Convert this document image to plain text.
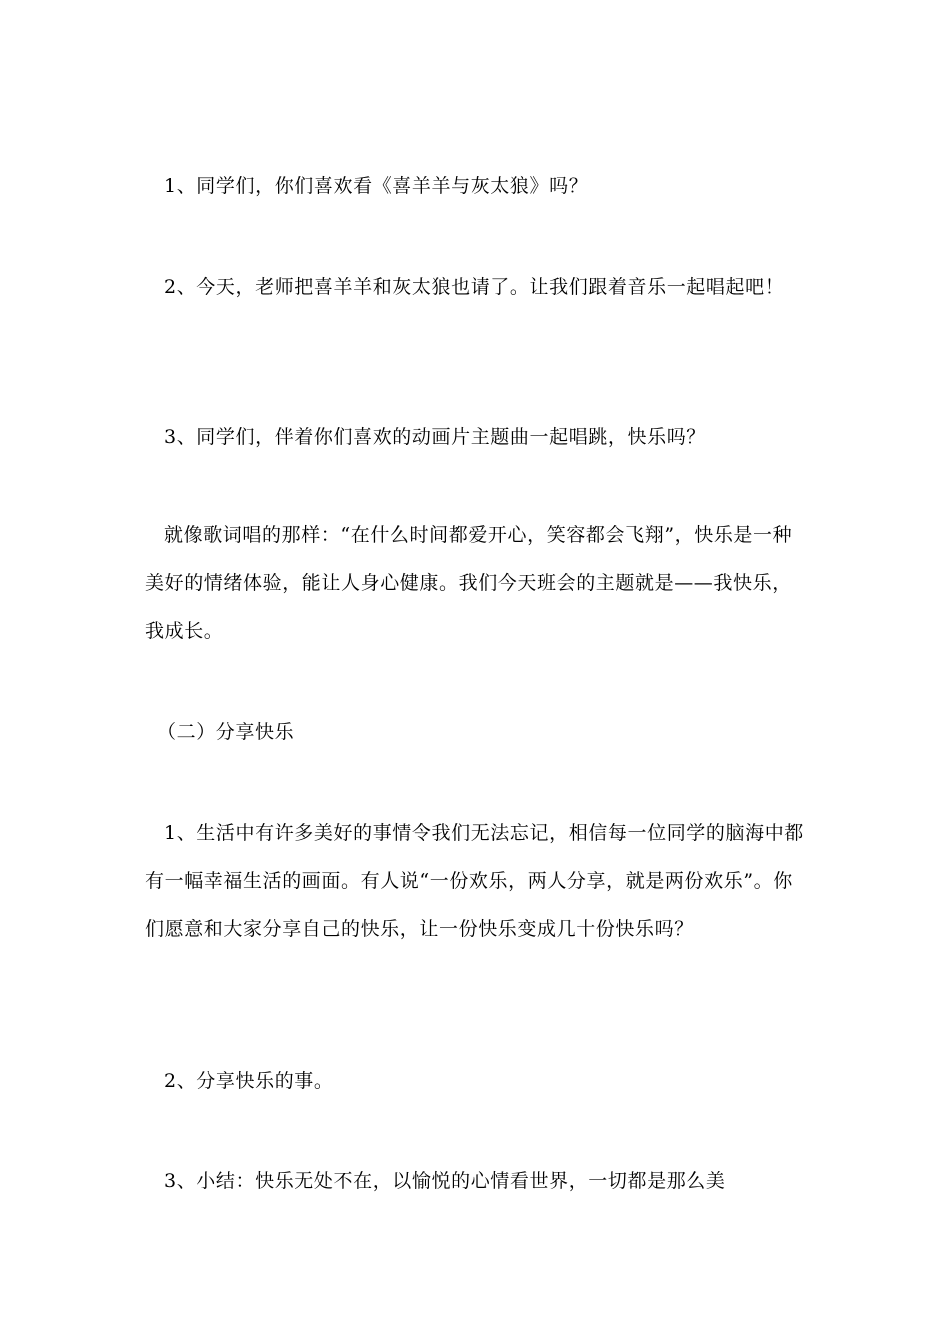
1、同学们，你们喜欢看《喜羊羊与灰太狼》吗？

2、今天，老师把喜羊羊和灰太狼也请了。让我们跟着音乐一起唱起吧！

3、同学们，伴着你们喜欢的动画片主题曲一起唱跳，快乐吗？

就像歌词唱的那样：“在什么时间都爱开心，笑容都会飞翔”，快乐是一种美好的情绪体验，能让人身心健康。我们今天班会的主题就是——我快乐，我成长。

（二）分享快乐

1、生活中有许多美好的事情令我们无法忘记，相信每一位同学的脑海中都有一幅幸福生活的画面。有人说“一份欢乐，两人分享，就是两份欢乐”。你们愿意和大家分享自己的快乐，让一份快乐变成几十份快乐吗？

2、分享快乐的事。

3、小结：快乐无处不在，以愉悦的心情看世界，一切都是那么美
